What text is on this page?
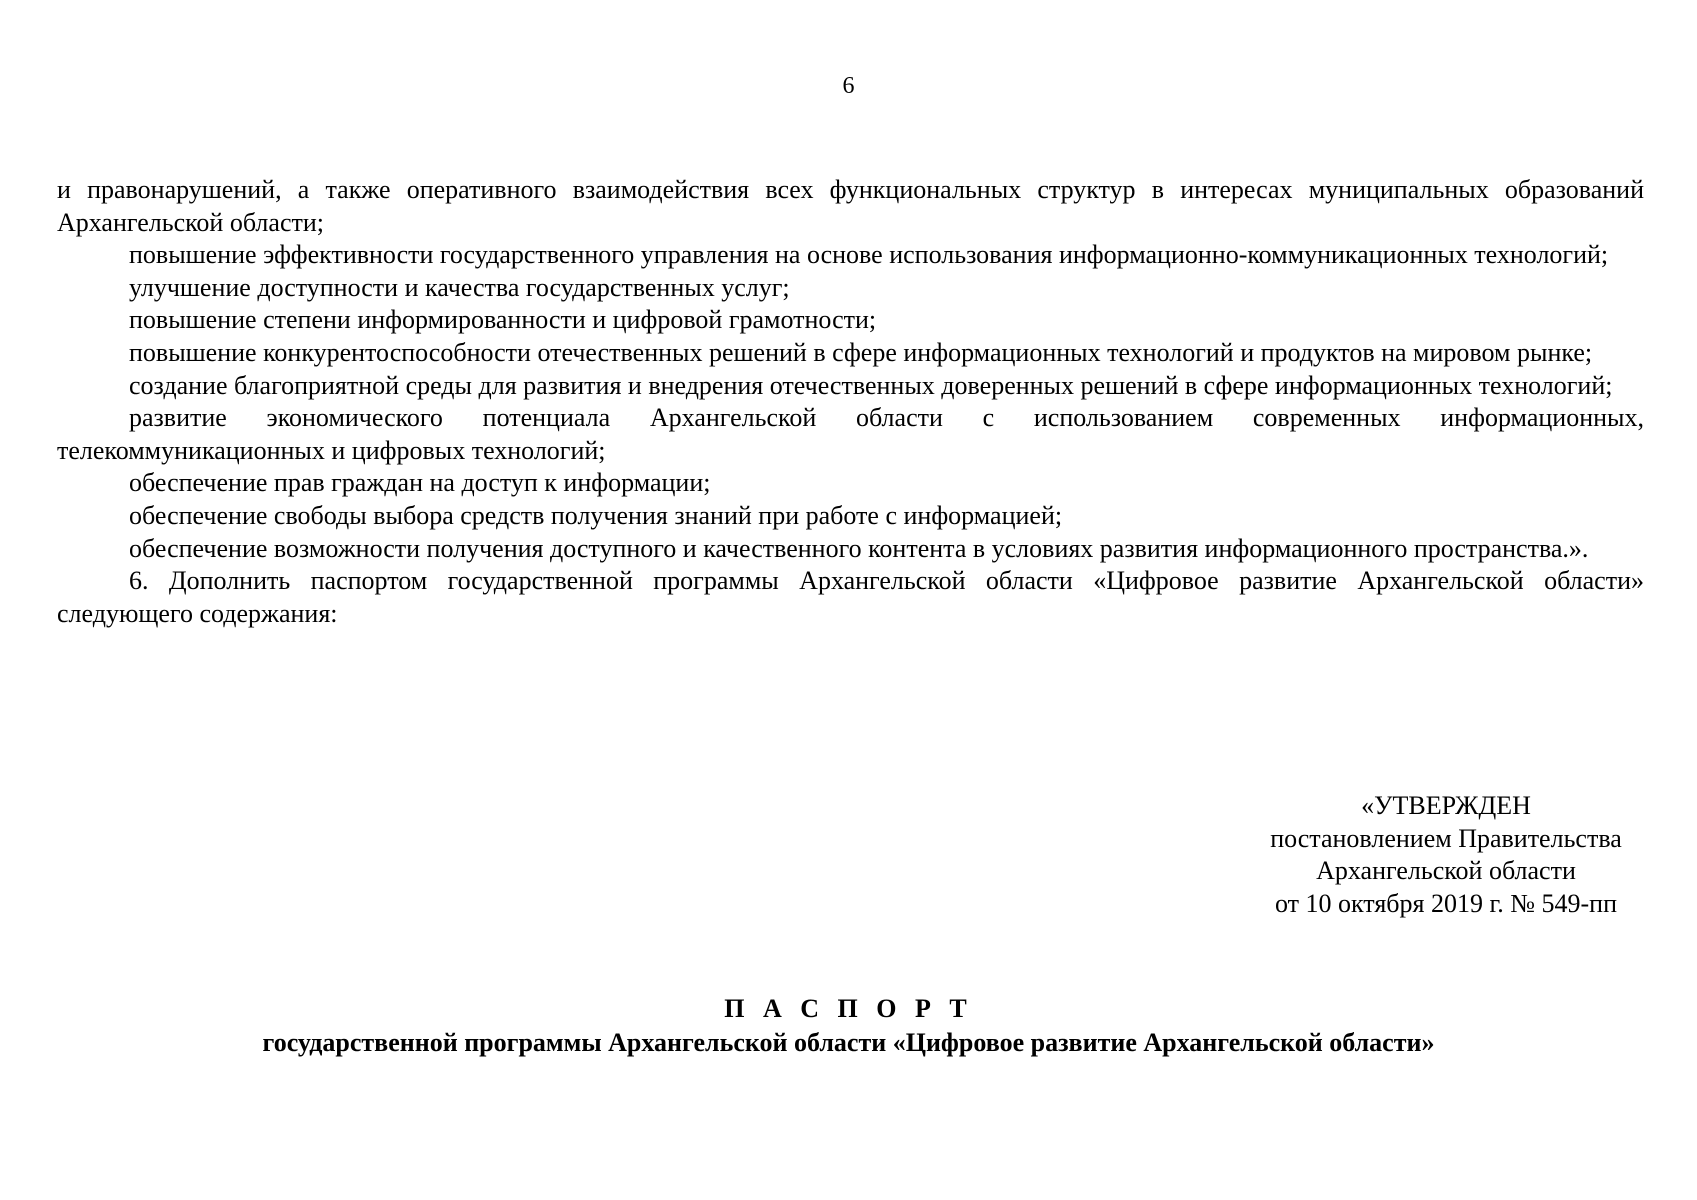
6

и правонарушений, а также оперативного взаимодействия всех функциональных структур в интересах муниципальных образований Архангельской области;

повышение эффективности государственного управления на основе использования информационно-коммуникационных технологий;

улучшение доступности и качества государственных услуг;

повышение степени информированности и цифровой грамотности;

повышение конкурентоспособности отечественных решений в сфере информационных технологий и продуктов на мировом рынке;

создание благоприятной среды для развития и внедрения отечественных доверенных решений в сфере информационных технологий;

развитие экономического потенциала Архангельской области с использованием современных информационных, телекоммуникационных и цифровых технологий;

обеспечение прав граждан на доступ к информации;

обеспечение свободы выбора средств получения знаний при работе с информацией;

обеспечение возможности получения доступного и качественного контента в условиях развития информационного пространства.».

6. Дополнить паспортом государственной программы Архангельской области «Цифровое развитие Архангельской области» следующего содержания:

«УТВЕРЖДЕН
постановлением Правительства
Архангельской области
от 10 октября 2019 г. № 549-пп
П А С П О Р Т
государственной программы Архангельской области «Цифровое развитие Архангельской области»
